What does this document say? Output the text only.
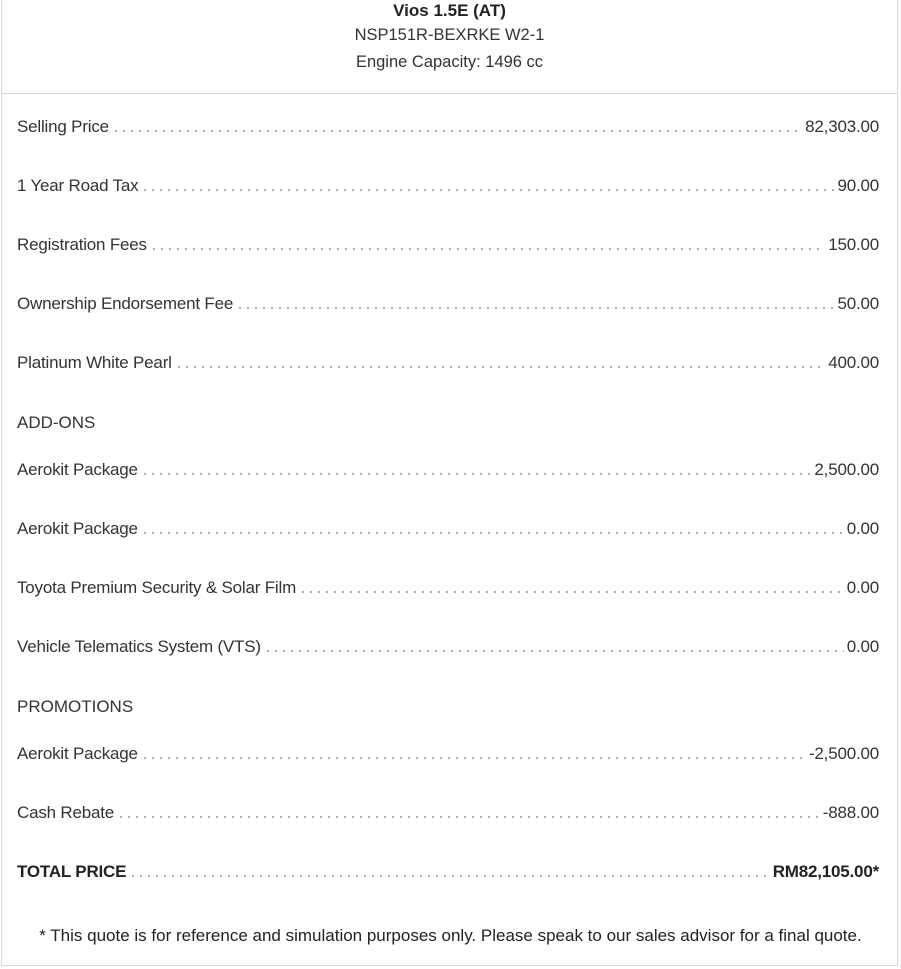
Vios 1.5E (AT)
NSP151R-BEXRKE W2-1
Engine Capacity: 1496 cc
Selling Price	82,303.00
1 Year Road Tax	90.00
Registration Fees	150.00
Ownership Endorsement Fee	50.00
Platinum White Pearl	400.00
ADD-ONS
Aerokit Package	2,500.00
Aerokit Package	0.00
Toyota Premium Security & Solar Film	0.00
Vehicle Telematics System (VTS)	0.00
PROMOTIONS
Aerokit Package	-2,500.00
Cash Rebate	-888.00
TOTAL PRICE	RM82,105.00*
* This quote is for reference and simulation purposes only. Please speak to our sales advisor for a final quote.
